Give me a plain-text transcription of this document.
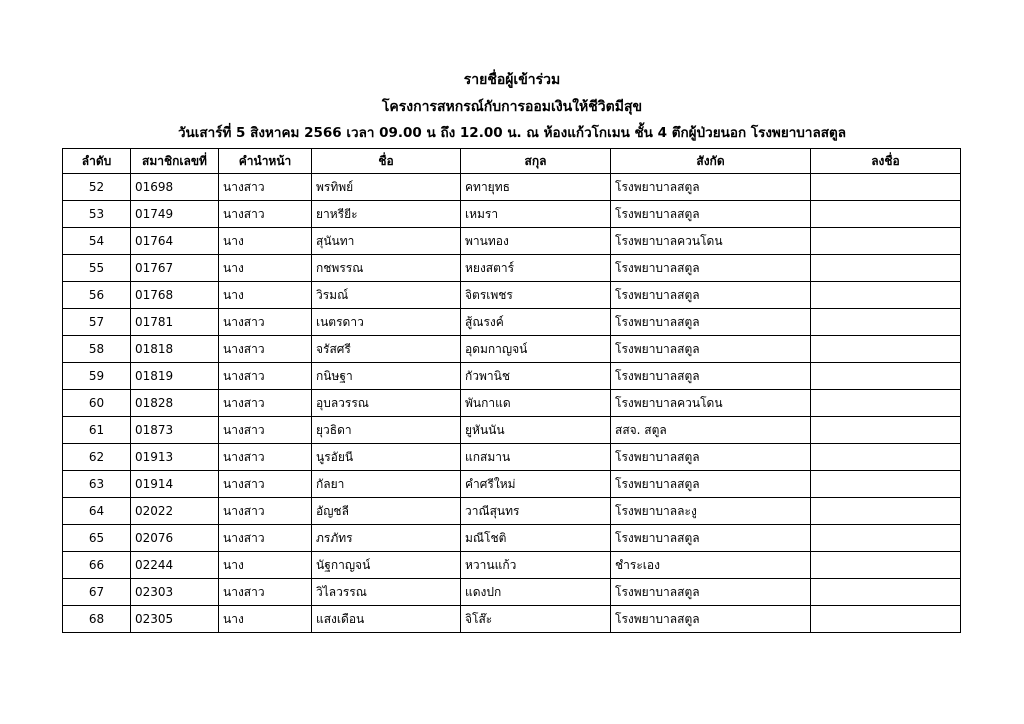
รายชื่อผู้เข้าร่วม
โครงการสหกรณ์กับการออมเงินให้ชีวิตมีสุข
วันเสาร์ที่ 5 สิงหาคม 2566 เวลา 09.00 น ถึง 12.00 น. ณ ห้องแก้วโกเมน ชั้น 4 ตึกผู้ป่วยนอก โรงพยาบาลสตูล
ลำดับ	สมาชิกเลขที่	คำนำหน้า	ชื่อ	สกุล	สังกัด	ลงชื่อ
52	01698	นางสาว	พรทิพย์	คทายุทธ	โรงพยาบาลสตูล	
53	01749	นางสาว	ยาหรียีะ	เหมรา	โรงพยาบาลสตูล	
54	01764	นาง	สุนันทา	พานทอง	โรงพยาบาลควนโดน	
55	01767	นาง	กชพรรณ	หยงสตาร์	โรงพยาบาลสตูล	
56	01768	นาง	วิรมณ์	จิตรเพชร	โรงพยาบาลสตูล	
57	01781	นางสาว	เนตรดาว	สู้ณรงค์	โรงพยาบาลสตูล	
58	01818	นางสาว	จรัสศรี	อุดมกาญจน์	โรงพยาบาลสตูล	
59	01819	นางสาว	กนิษฐา	กัวพานิช	โรงพยาบาลสตูล	
60	01828	นางสาว	อุบลวรรณ	พันกาแด	โรงพยาบาลควนโดน	
61	01873	นางสาว	ยุวธิดา	ยูหันนัน	สสจ. สตูล	
62	01913	นางสาว	นูรอัยนี	แกสมาน	โรงพยาบาลสตูล	
63	01914	นางสาว	กัลยา	คำศรีใหม่	โรงพยาบาลสตูล	
64	02022	นางสาว	อัญชลี	วาณีสุนทร	โรงพยาบาลละงู	
65	02076	นางสาว	ภรภัทร	มณีโชติ	โรงพยาบาลสตูล	
66	02244	นาง	นัฐกาญจน์	หวานแก้ว	ชำระเอง	
67	02303	นางสาว	วิไลวรรณ	แดงปก	โรงพยาบาลสตูล	
68	02305	นาง	แสงเดือน	จิโส๊ะ	โรงพยาบาลสตูล	
